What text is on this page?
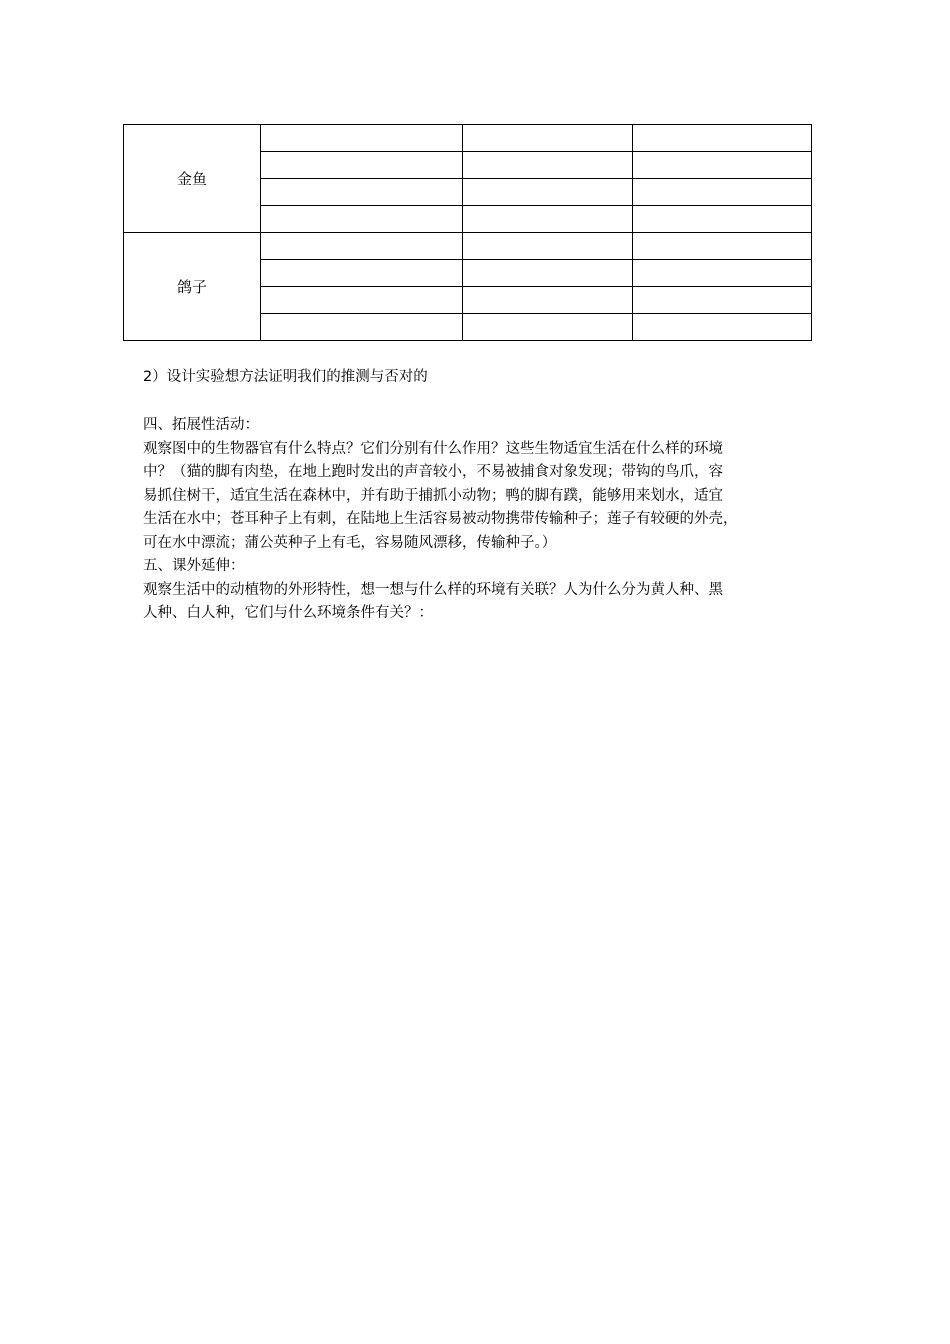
金鱼			

鸽子			

2）设计实验想方法证明我们的推测与否对的
四、拓展性活动：
观察图中的生物器官有什么特点？它们分别有什么作用？这些生物适宜生活在什么样的环境
中？（猫的脚有肉垫，在地上跑时发出的声音较小，不易被捕食对象发现；带钩的鸟爪，容
易抓住树干，适宜生活在森林中，并有助于捕抓小动物；鸭的脚有蹼，能够用来划水，适宜
生活在水中；苍耳种子上有刺，在陆地上生活容易被动物携带传输种子；莲子有较硬的外壳，
可在水中漂流；蒲公英种子上有毛，容易随风漂移，传输种子。）
五、课外延伸：
观察生活中的动植物的外形特性，想一想与什么样的环境有关联？人为什么分为黄人种、黑
人种、白人种，它们与什么环境条件有关？：
